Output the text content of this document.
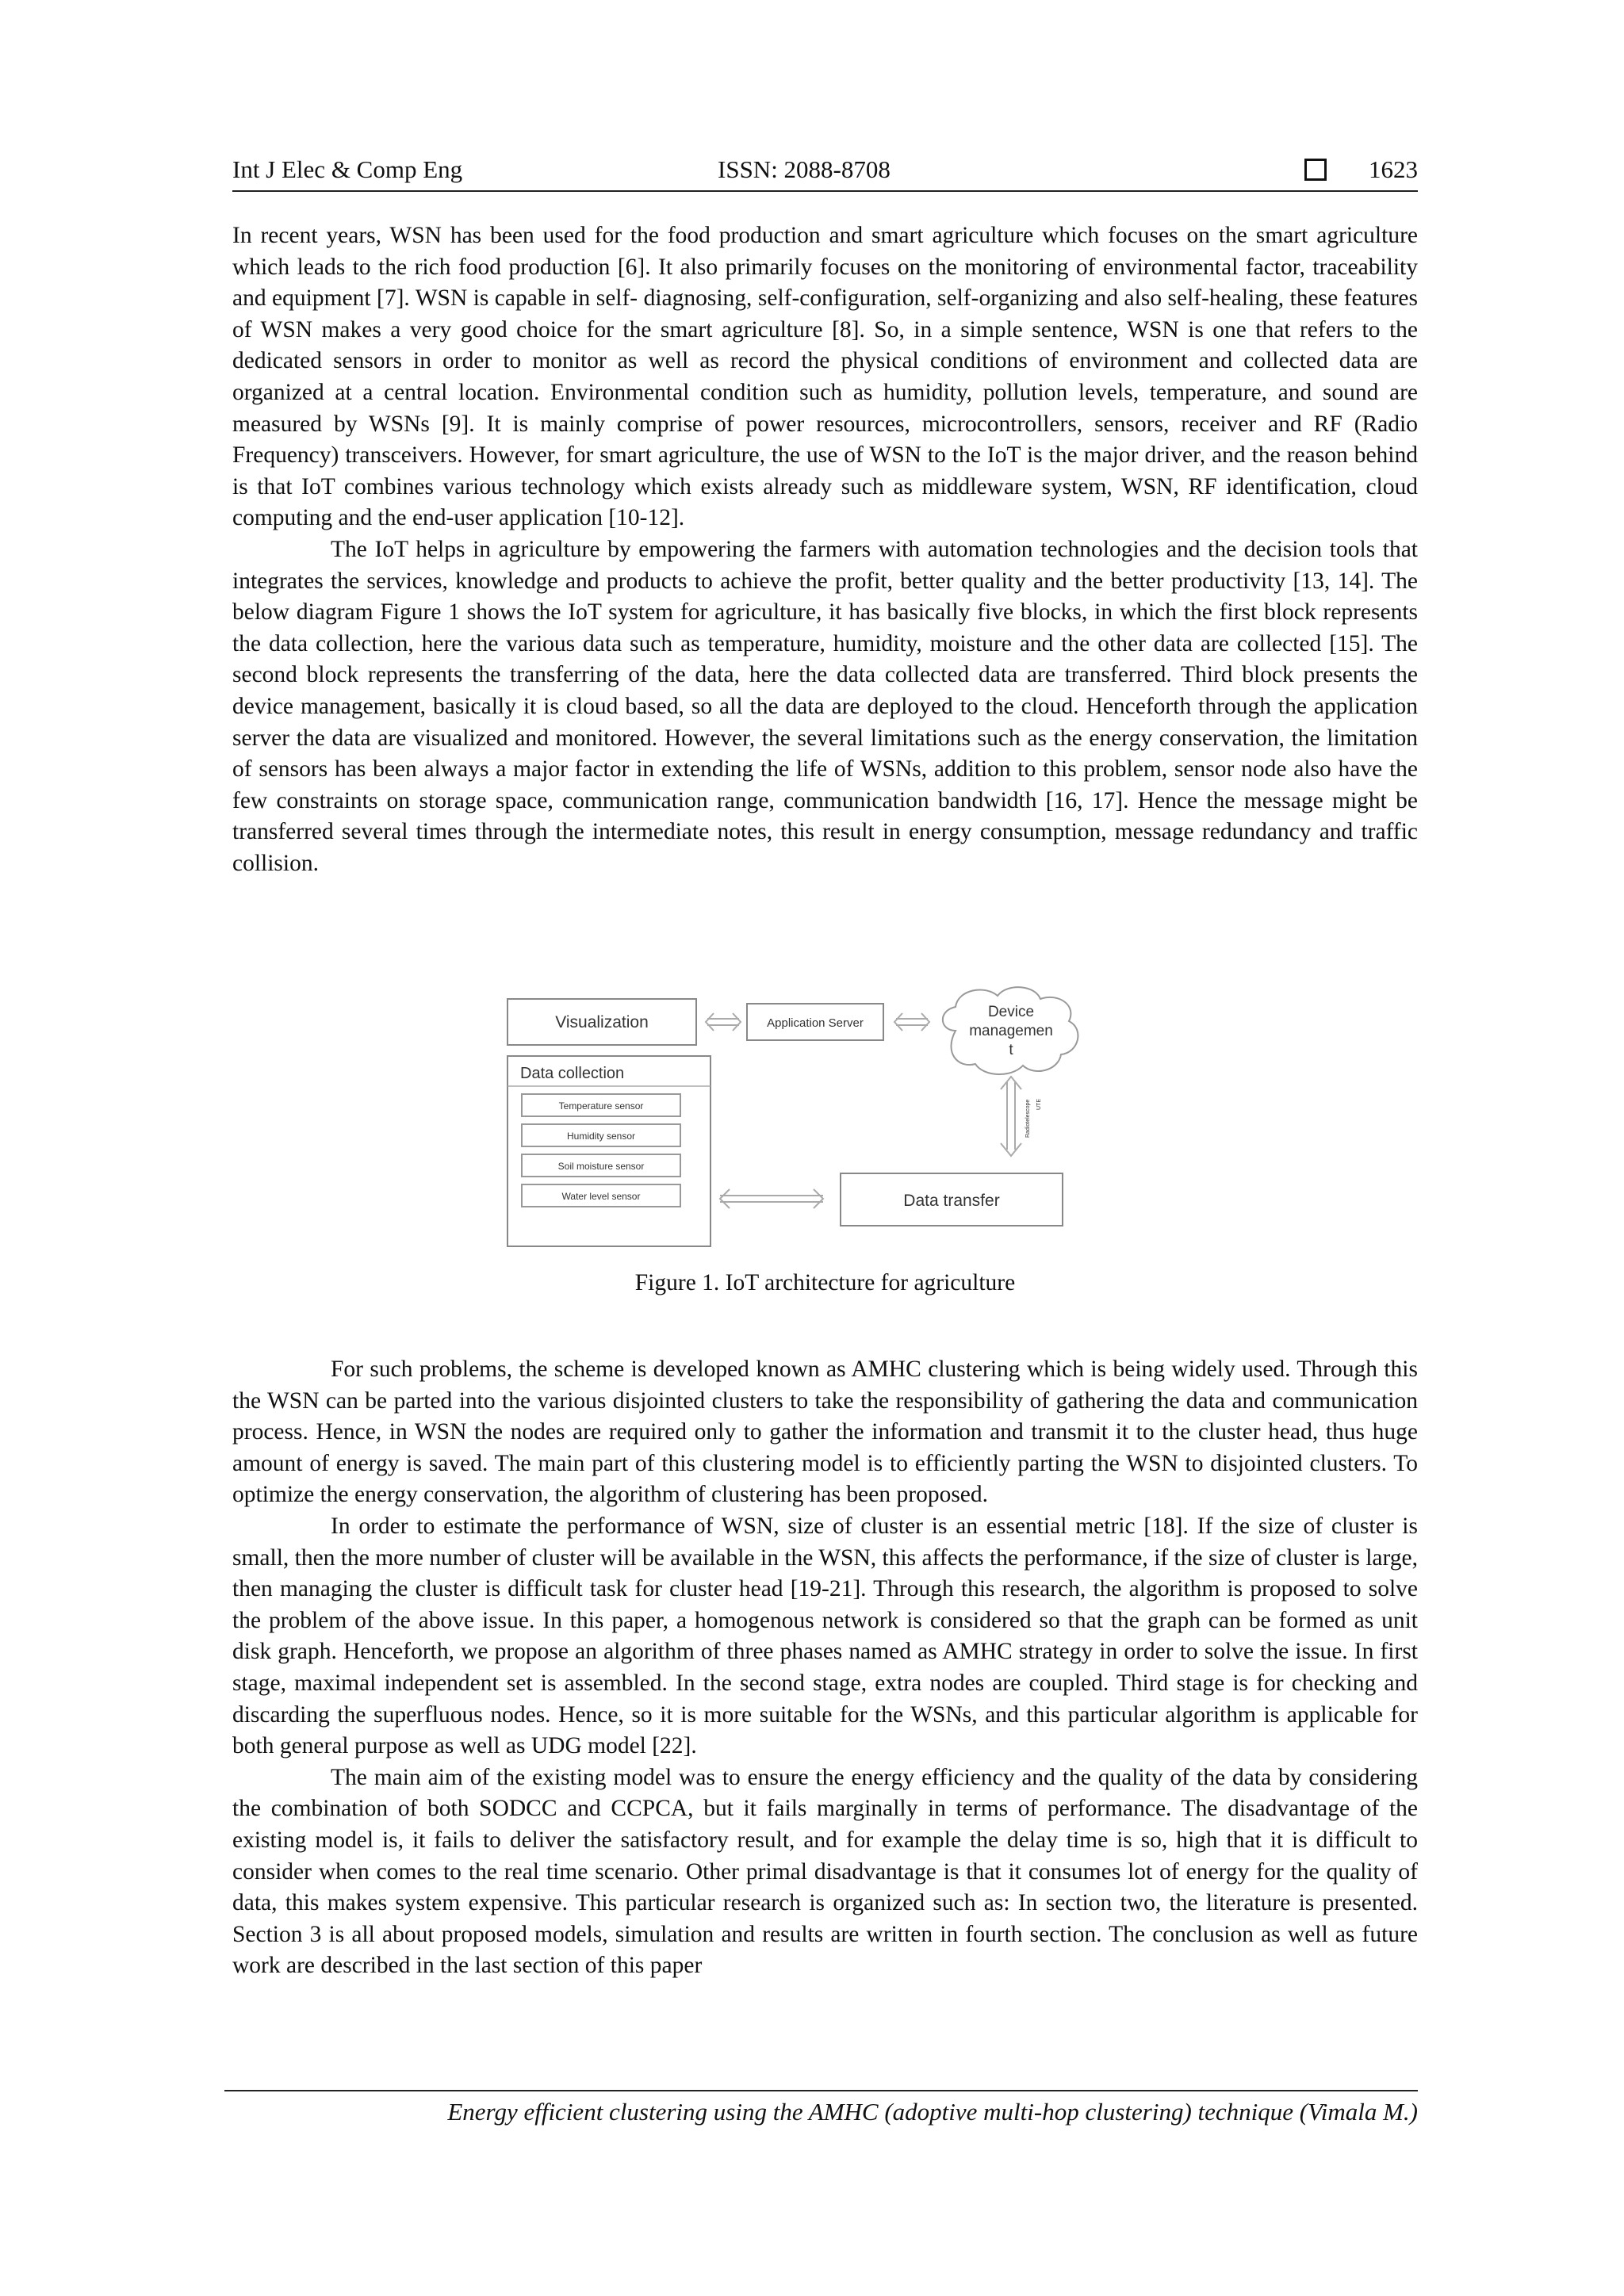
Int J Elec & Comp Eng	ISSN: 2088-8708	1623

In recent years, WSN has been used for the food production and smart agriculture which focuses on the smart agriculture which leads to the rich food production [6]. It also primarily focuses on the monitoring of environmental factor, traceability and equipment [7]. WSN is capable in self- diagnosing, self-configuration, self-organizing and also self-healing, these features of WSN makes a very good choice for the smart agriculture [8]. So, in a simple sentence, WSN is one that refers to the dedicated sensors in order to monitor as well as record the physical conditions of environment and collected data are organized at a central location. Environmental condition such as humidity, pollution levels, temperature, and sound are measured by WSNs [9]. It is mainly comprise of power resources, microcontrollers, sensors, receiver and RF (Radio Frequency) transceivers. However, for smart agriculture, the use of WSN to the IoT is the major driver, and the reason behind is that IoT combines various technology which exists already such as middleware system, WSN, RF identification, cloud computing and the end-user application [10-12].

The IoT helps in agriculture by empowering the farmers with automation technologies and the decision tools that integrates the services, knowledge and products to achieve the profit, better quality and the better productivity [13, 14]. The below diagram Figure 1 shows the IoT system for agriculture, it has basically five blocks, in which the first block represents the data collection, here the various data such as temperature, humidity, moisture and the other data are collected [15]. The second block represents the transferring of the data, here the data collected data are transferred. Third block presents the device management, basically it is cloud based, so all the data are deployed to the cloud. Henceforth through the application server the data are visualized and monitored. However, the several limitations such as the energy conservation, the limitation of sensors has been always a major factor in extending the life of WSNs, addition to this problem, sensor node also have the few constraints on storage space, communication range, communication bandwidth [16, 17]. Hence the message might be transferred several times through the intermediate notes, this result in energy consumption, message redundancy and traffic collision.

Visualization	Application Server
Device
managemen
t
Radiotelescope UTE
Data collection
Temperature sensor
Humidity sensor
Soil moisture sensor
Water level sensor	Data transfer
Figure 1. IoT architecture for agriculture

For such problems, the scheme is developed known as AMHC clustering which is being widely used. Through this the WSN can be parted into the various disjointed clusters to take the responsibility of gathering the data and communication process. Hence, in WSN the nodes are required only to gather the information and transmit it to the cluster head, thus huge amount of energy is saved. The main part of this clustering model is to efficiently parting the WSN to disjointed clusters. To optimize the energy conservation, the algorithm of clustering has been proposed.

In order to estimate the performance of WSN, size of cluster is an essential metric [18]. If the size of cluster is small, then the more number of cluster will be available in the WSN, this affects the performance, if the size of cluster is large, then managing the cluster is difficult task for cluster head [19-21]. Through this research, the algorithm is proposed to solve the problem of the above issue. In this paper, a homogenous network is considered so that the graph can be formed as unit disk graph. Henceforth, we propose an algorithm of three phases named as AMHC strategy in order to solve the issue. In first stage, maximal independent set is assembled. In the second stage, extra nodes are coupled. Third stage is for checking and discarding the superfluous nodes. Hence, so it is more suitable for the WSNs, and this particular algorithm is applicable for both general purpose as well as UDG model [22].

The main aim of the existing model was to ensure the energy efficiency and the quality of the data by considering the combination of both SODCC and CCPCA, but it fails marginally in terms of performance. The disadvantage of the existing model is, it fails to deliver the satisfactory result, and for example the delay time is so, high that it is difficult to consider when comes to the real time scenario. Other primal disadvantage is that it consumes lot of energy for the quality of data, this makes system expensive. This particular research is organized such as: In section two, the literature is presented. Section 3 is all about proposed models, simulation and results are written in fourth section. The conclusion as well as future work are described in the last section of this paper

Energy efficient clustering using the AMHC (adoptive multi-hop clustering) technique (Vimala M.)
